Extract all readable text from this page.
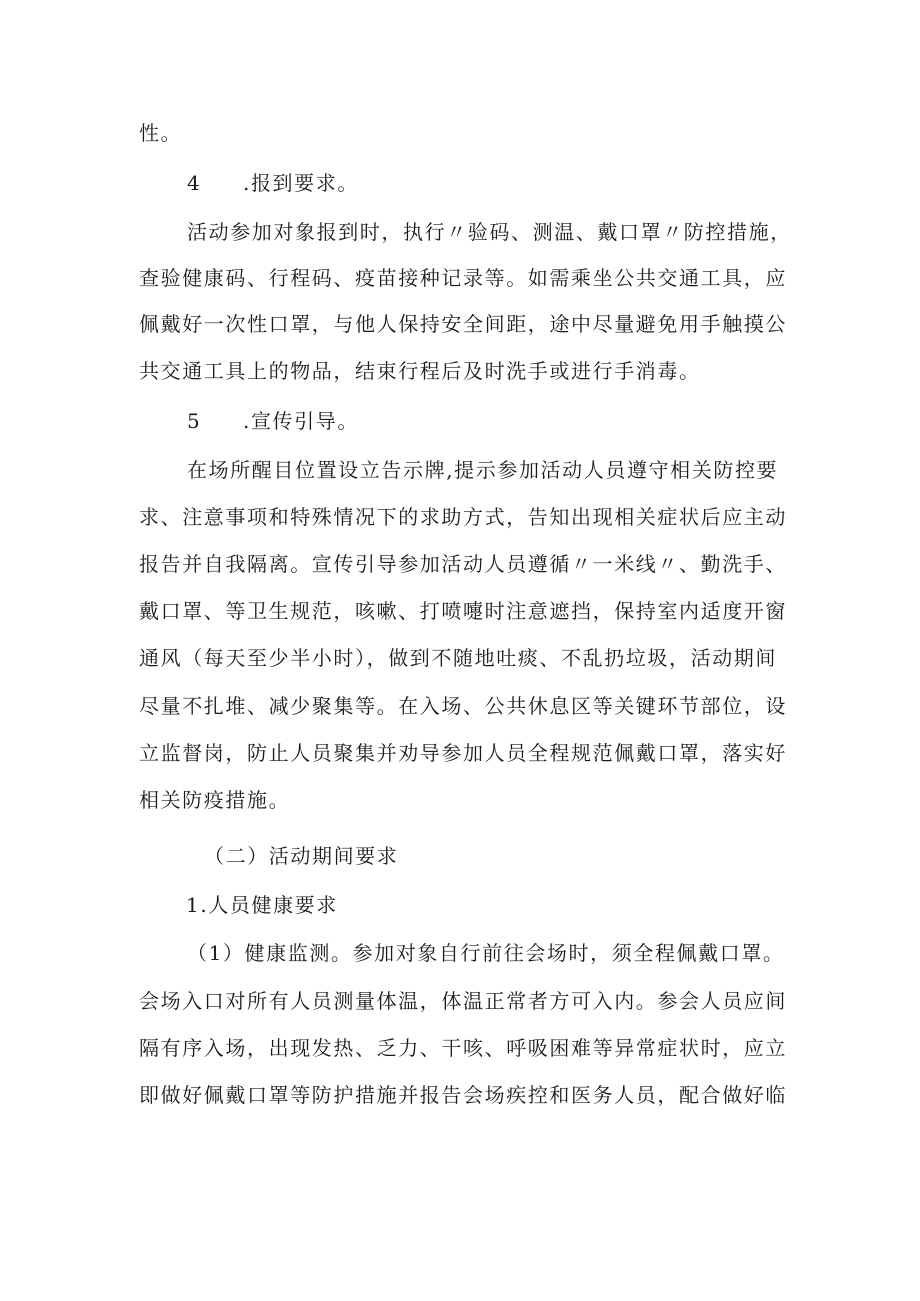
性。
4 .报到要求。
活动参加对象报到时，执行〃验码、测温、戴口罩〃防控措施，
查验健康码、行程码、疫苗接种记录等。如需乘坐公共交通工具，应
佩戴好一次性口罩，与他人保持安全间距，途中尽量避免用手触摸公
共交通工具上的物品，结束行程后及时洗手或进行手消毒。
5 .宣传引导。
在场所醒目位置设立告示牌,提示参加活动人员遵守相关防控要
求、注意事项和特殊情况下的求助方式，告知出现相关症状后应主动
报告并自我隔离。宣传引导参加活动人员遵循〃一米线〃、勤洗手、
戴口罩、等卫生规范，咳嗽、打喷嚏时注意遮挡，保持室内适度开窗
通风（每天至少半小时），做到不随地吐痰、不乱扔垃圾，活动期间
尽量不扎堆、减少聚集等。在入场、公共休息区等关键环节部位，设
立监督岗，防止人员聚集并劝导参加人员全程规范佩戴口罩，落实好
相关防疫措施。
（二）活动期间要求
1.人员健康要求
（1）健康监测。参加对象自行前往会场时，须全程佩戴口罩。
会场入口对所有人员测量体温，体温正常者方可入内。参会人员应间
隔有序入场，出现发热、乏力、干咳、呼吸困难等异常症状时，应立
即做好佩戴口罩等防护措施并报告会场疾控和医务人员，配合做好临
